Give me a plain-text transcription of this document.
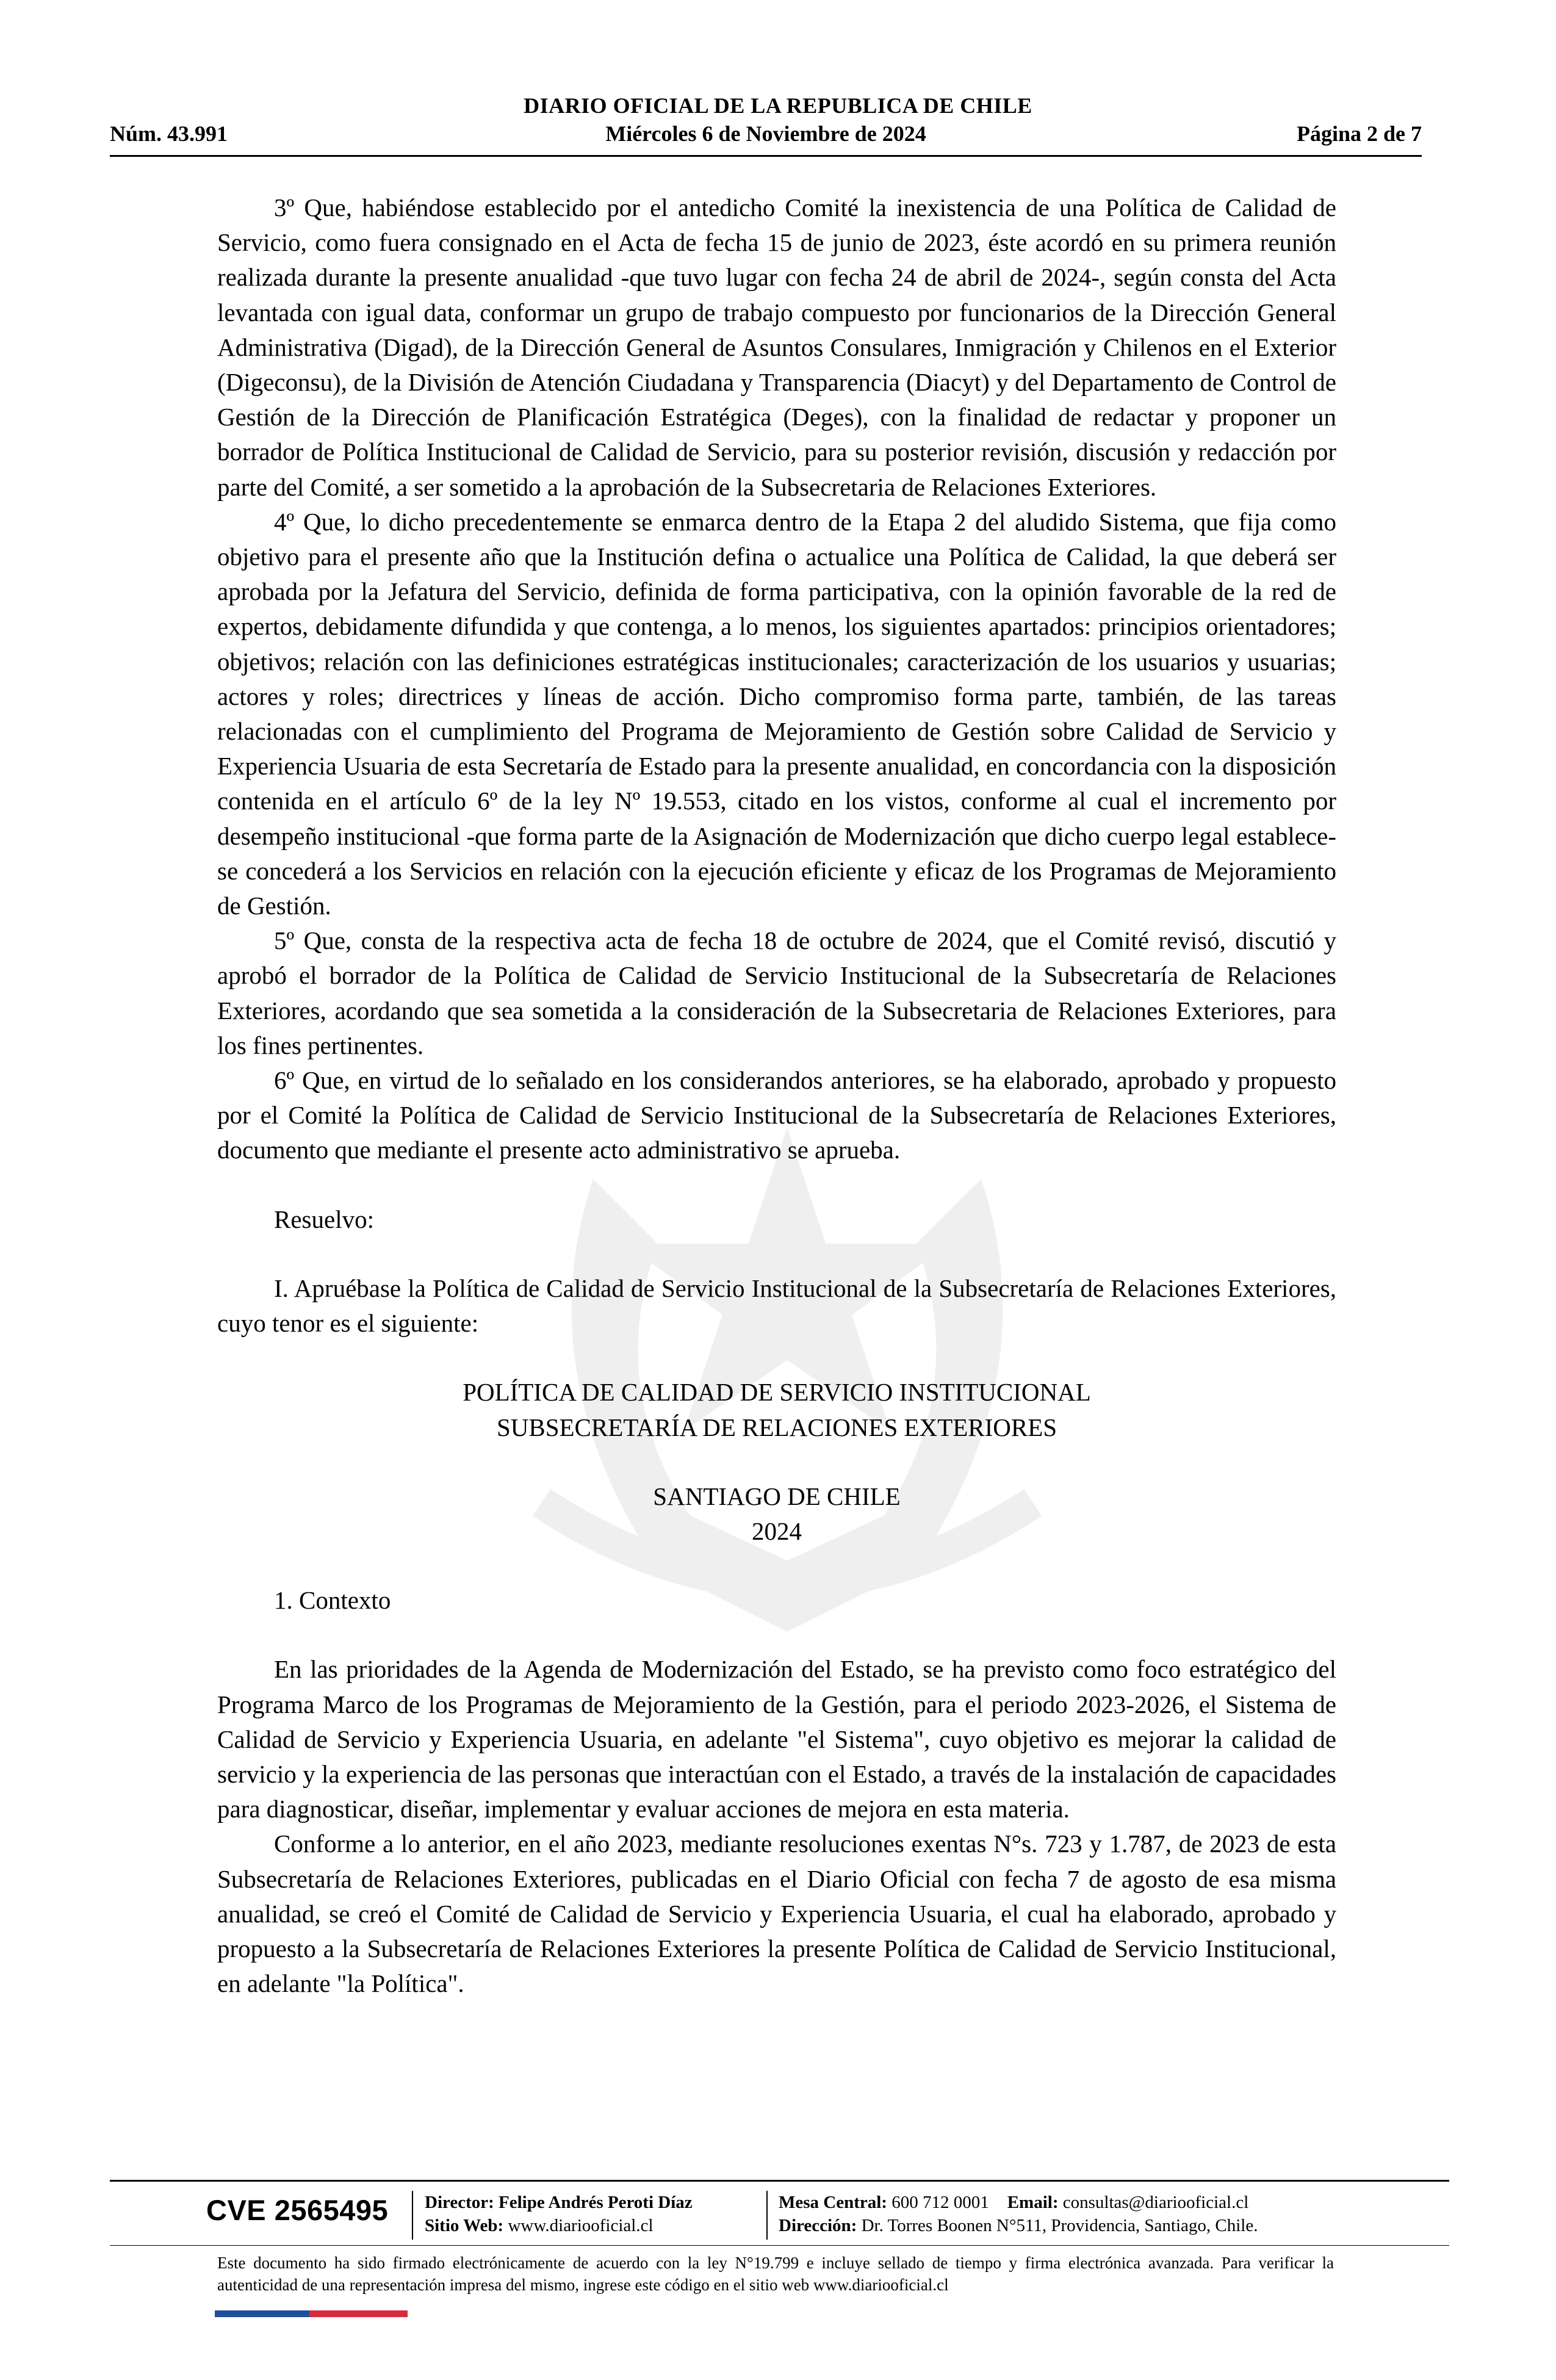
DIARIO OFICIAL DE LA REPUBLICA DE CHILE
Núm. 43.991	Miércoles 6 de Noviembre de 2024	Página 2 de 7

3º Que, habiéndose establecido por el antedicho Comité la inexistencia de una Política de Calidad de Servicio, como fuera consignado en el Acta de fecha 15 de junio de 2023, éste acordó en su primera reunión realizada durante la presente anualidad -que tuvo lugar con fecha 24 de abril de 2024-, según consta del Acta levantada con igual data, conformar un grupo de trabajo compuesto por funcionarios de la Dirección General Administrativa (Digad), de la Dirección General de Asuntos Consulares, Inmigración y Chilenos en el Exterior (Digeconsu), de la División de Atención Ciudadana y Transparencia (Diacyt) y del Departamento de Control de Gestión de la Dirección de Planificación Estratégica (Deges), con la finalidad de redactar y proponer un borrador de Política Institucional de Calidad de Servicio, para su posterior revisión, discusión y redacción por parte del Comité, a ser sometido a la aprobación de la Subsecretaria de Relaciones Exteriores.

4º Que, lo dicho precedentemente se enmarca dentro de la Etapa 2 del aludido Sistema, que fija como objetivo para el presente año que la Institución defina o actualice una Política de Calidad, la que deberá ser aprobada por la Jefatura del Servicio, definida de forma participativa, con la opinión favorable de la red de expertos, debidamente difundida y que contenga, a lo menos, los siguientes apartados: principios orientadores; objetivos; relación con las definiciones estratégicas institucionales; caracterización de los usuarios y usuarias; actores y roles; directrices y líneas de acción. Dicho compromiso forma parte, también, de las tareas relacionadas con el cumplimiento del Programa de Mejoramiento de Gestión sobre Calidad de Servicio y Experiencia Usuaria de esta Secretaría de Estado para la presente anualidad, en concordancia con la disposición contenida en el artículo 6º de la ley Nº 19.553, citado en los vistos, conforme al cual el incremento por desempeño institucional -que forma parte de la Asignación de Modernización que dicho cuerpo legal establece- se concederá a los Servicios en relación con la ejecución eficiente y eficaz de los Programas de Mejoramiento de Gestión.

5º Que, consta de la respectiva acta de fecha 18 de octubre de 2024, que el Comité revisó, discutió y aprobó el borrador de la Política de Calidad de Servicio Institucional de la Subsecretaría de Relaciones Exteriores, acordando que sea sometida a la consideración de la Subsecretaria de Relaciones Exteriores, para los fines pertinentes.

6º Que, en virtud de lo señalado en los considerandos anteriores, se ha elaborado, aprobado y propuesto por el Comité la Política de Calidad de Servicio Institucional de la Subsecretaría de Relaciones Exteriores, documento que mediante el presente acto administrativo se aprueba.

Resuelvo:

I. Apruébase la Política de Calidad de Servicio Institucional de la Subsecretaría de Relaciones Exteriores, cuyo tenor es el siguiente:

POLÍTICA DE CALIDAD DE SERVICIO INSTITUCIONAL

SUBSECRETARÍA DE RELACIONES EXTERIORES

SANTIAGO DE CHILE

2024

1. Contexto

En las prioridades de la Agenda de Modernización del Estado, se ha previsto como foco estratégico del Programa Marco de los Programas de Mejoramiento de la Gestión, para el periodo 2023-2026, el Sistema de Calidad de Servicio y Experiencia Usuaria, en adelante "el Sistema", cuyo objetivo es mejorar la calidad de servicio y la experiencia de las personas que interactúan con el Estado, a través de la instalación de capacidades para diagnosticar, diseñar, implementar y evaluar acciones de mejora en esta materia.

Conforme a lo anterior, en el año 2023, mediante resoluciones exentas N°s. 723 y 1.787, de 2023 de esta Subsecretaría de Relaciones Exteriores, publicadas en el Diario Oficial con fecha 7 de agosto de esa misma anualidad, se creó el Comité de Calidad de Servicio y Experiencia Usuaria, el cual ha elaborado, aprobado y propuesto a la Subsecretaría de Relaciones Exteriores la presente Política de Calidad de Servicio Institucional, en adelante "la Política".

CVE 2565495 Director: Felipe Andrés Peroti Díaz
Sitio Web: www.diariooficial.cl
Mesa Central: 600 712 0001 Email: consultas@diariooficial.cl
Dirección: Dr. Torres Boonen N°511, Providencia, Santiago, Chile.
Este documento ha sido firmado electrónicamente de acuerdo con la ley N°19.799 e incluye sellado de tiempo y firma electrónica avanzada. Para verificar la autenticidad de una representación impresa del mismo, ingrese este código en el sitio web www.diariooficial.cl
